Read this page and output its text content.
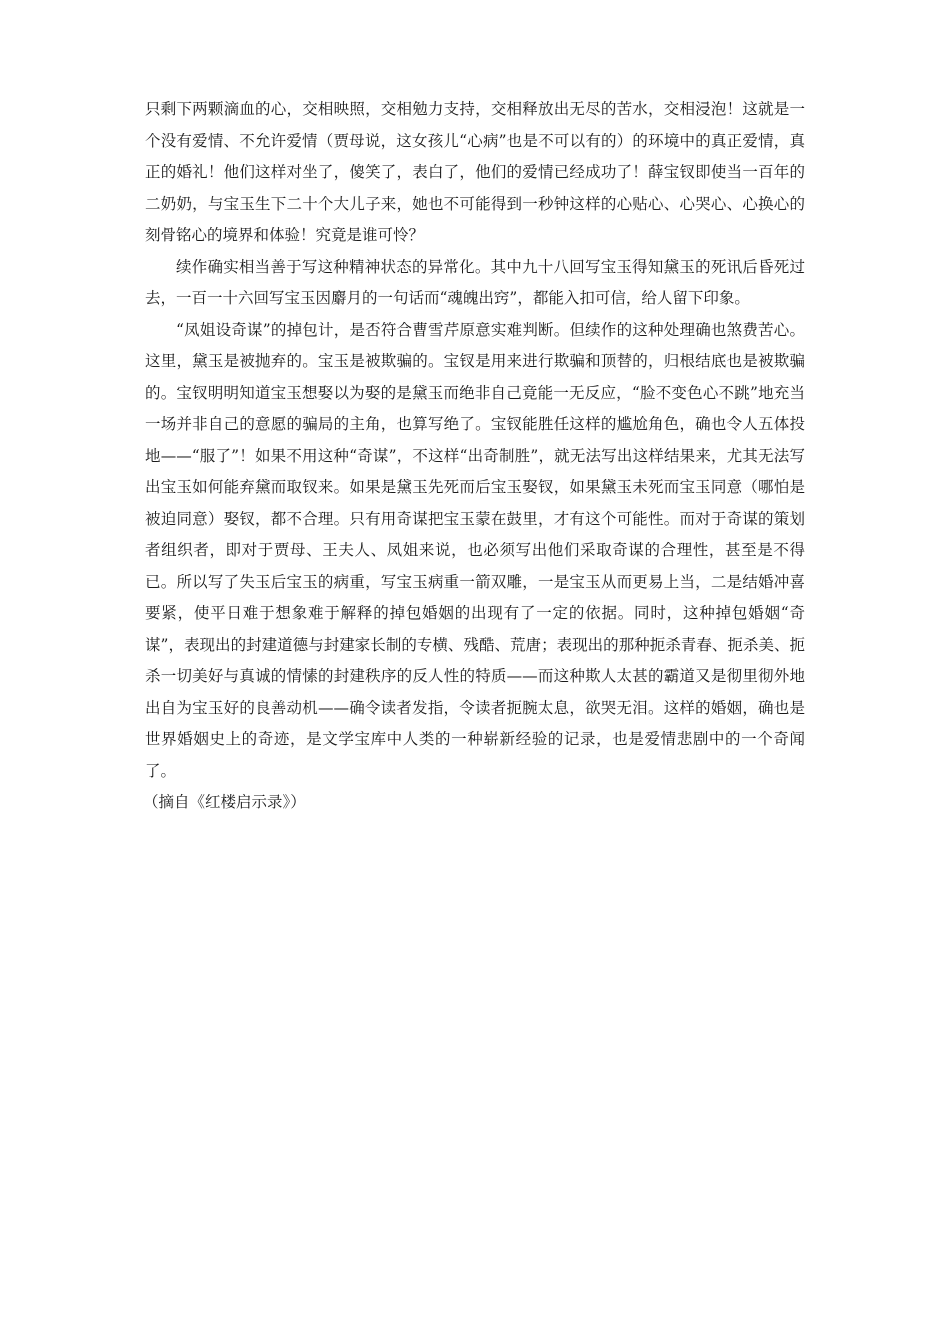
只剩下两颗滴血的心，交相映照，交相勉力支持，交相释放出无尽的苦水，交相浸泡！这就是一个没有爱情、不允许爱情（贾母说，这女孩儿“心病”也是不可以有的）的环境中的真正爱情，真正的婚礼！他们这样对坐了，傻笑了，表白了，他们的爱情已经成功了！薛宝钗即使当一百年的二奶奶，与宝玉生下二十个大儿子来，她也不可能得到一秒钟这样的心贴心、心哭心、心换心的刻骨铭心的境界和体验！究竟是谁可怜？

续作确实相当善于写这种精神状态的异常化。其中九十八回写宝玉得知黛玉的死讯后昏死过去，一百一十六回写宝玉因麝月的一句话而“魂魄出窍”，都能入扣可信，给人留下印象。

“凤姐设奇谋”的掉包计，是否符合曹雪芹原意实难判断。但续作的这种处理确也煞费苦心。这里，黛玉是被抛弃的。宝玉是被欺骗的。宝钗是用来进行欺骗和顶替的，归根结底也是被欺骗的。宝钗明明知道宝玉想娶以为娶的是黛玉而绝非自己竟能一无反应，“脸不变色心不跳”地充当一场并非自己的意愿的骗局的主角，也算写绝了。宝钗能胜任这样的尴尬角色，确也令人五体投地——“服了”！如果不用这种“奇谋”，不这样“出奇制胜”，就无法写出这样结果来，尤其无法写出宝玉如何能弃黛而取钗来。如果是黛玉先死而后宝玉娶钗，如果黛玉未死而宝玉同意（哪怕是被迫同意）娶钗，都不合理。只有用奇谋把宝玉蒙在鼓里，才有这个可能性。而对于奇谋的策划者组织者，即对于贾母、王夫人、凤姐来说，也必须写出他们采取奇谋的合理性，甚至是不得已。所以写了失玉后宝玉的病重，写宝玉病重一箭双雕，一是宝玉从而更易上当，二是结婚冲喜要紧，使平日难于想象难于解释的掉包婚姻的出现有了一定的依据。同时，这种掉包婚姻“奇谋”，表现出的封建道德与封建家长制的专横、残酷、荒唐；表现出的那种扼杀青春、扼杀美、扼杀一切美好与真诚的情愫的封建秩序的反人性的特质——而这种欺人太甚的霸道又是彻里彻外地出自为宝玉好的良善动机——确令读者发指，令读者扼腕太息，欲哭无泪。这样的婚姻，确也是世界婚姻史上的奇迹，是文学宝库中人类的一种崭新经验的记录，也是爱情悲剧中的一个奇闻了。

（摘自《红楼启示录》）
